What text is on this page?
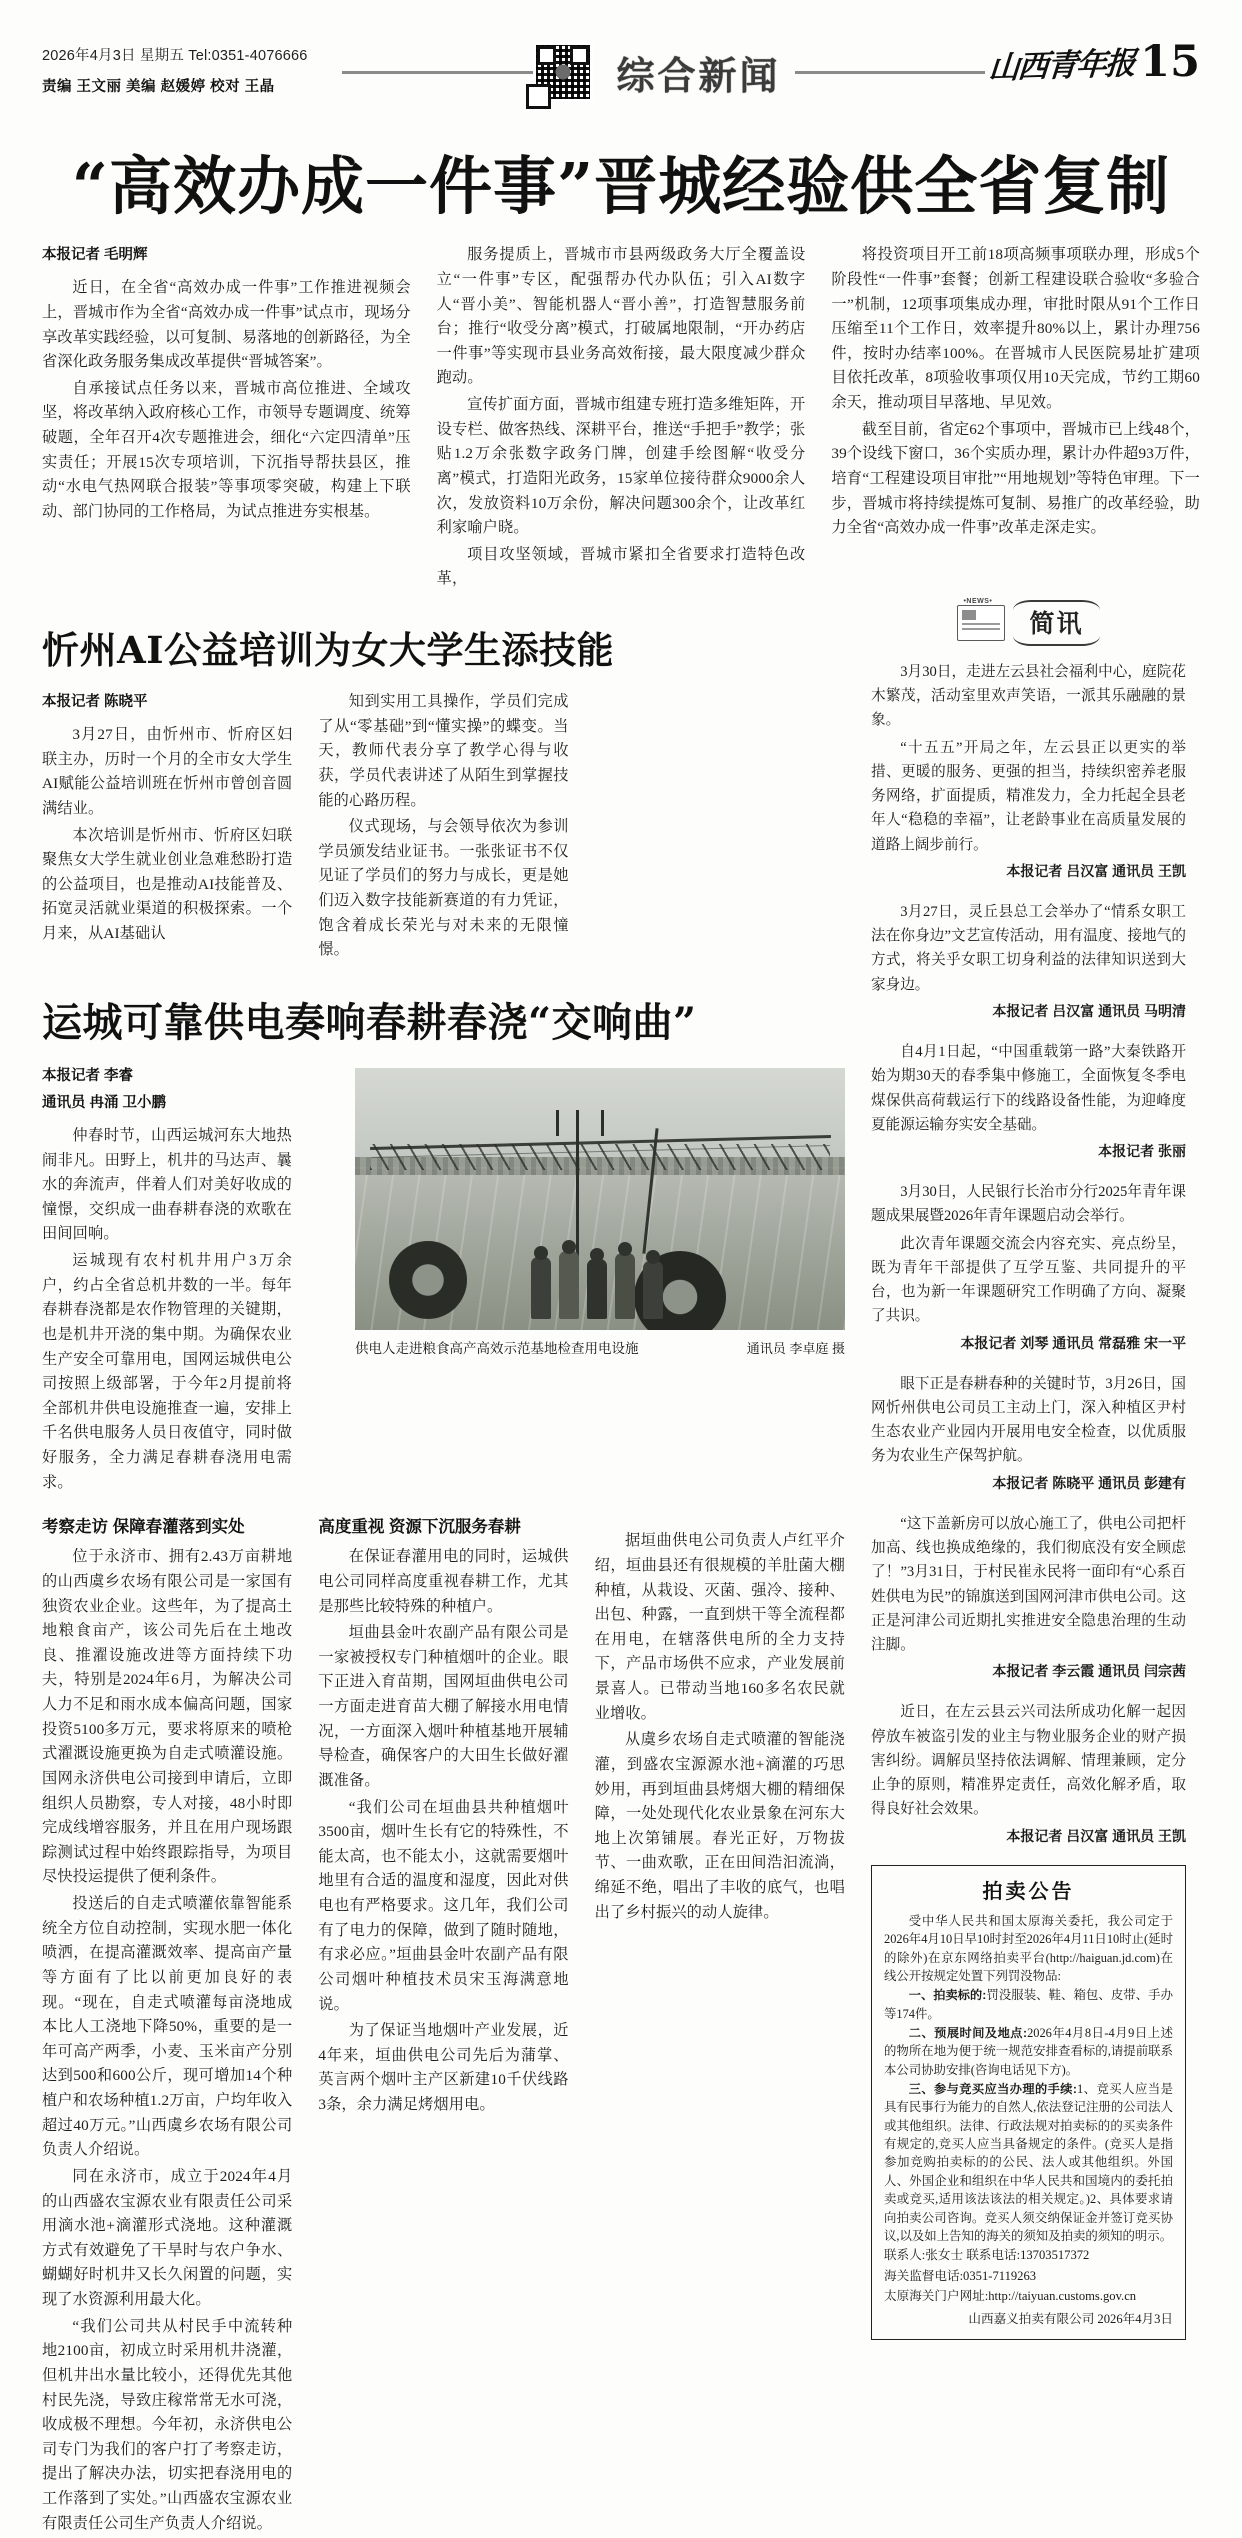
2026年4月3日 星期五 Tel:0351-4076666
责编 王文丽 美编 赵媛婷 校对 王晶	综合新闻	山西青年报 15
“高效办成一件事”晋城经验供全省复制
本报记者 毛明辉

近日，在全省“高效办成一件事”工作推进视频会上，晋城市作为全省“高效办成一件事”试点市，现场分享改革实践经验，以可复制、易落地的创新路径，为全省深化政务服务集成改革提供“晋城答案”。

自承接试点任务以来，晋城市高位推进、全域攻坚，将改革纳入政府核心工作，市领导专题调度、统筹破题，全年召开4次专题推进会，细化“六定四清单”压实责任；开展15次专项培训，下沉指导帮扶县区，推动“水电气热网联合报装”等事项零突破，构建上下联动、部门协同的工作格局，为试点推进夯实根基。

服务提质上，晋城市市县两级政务大厅全覆盖设立“一件事”专区，配强帮办代办队伍；引入AI数字人“晋小美”、智能机器人“晋小善”，打造智慧服务前台；推行“收受分离”模式，打破属地限制，“开办药店一件事”等实现市县业务高效衔接，最大限度减少群众跑动。

宣传扩面方面，晋城市组建专班打造多维矩阵，开设专栏、做客热线、深耕平台，推送“手把手”教学；张贴1.2万余张数字政务门牌，创建手绘图解“收受分离”模式，打造阳光政务，15家单位接待群众9000余人次，发放资料10万余份，解决问题300余个，让改革红利家喻户晓。

项目攻坚领域，晋城市紧扣全省要求打造特色改革，

将投资项目开工前18项高频事项联办理，形成5个阶段性“一件事”套餐；创新工程建设联合验收“多验合一”机制，12项事项集成办理，审批时限从91个工作日压缩至11个工作日，效率提升80%以上，累计办理756件，按时办结率100%。在晋城市人民医院易址扩建项目依托改革，8项验收事项仅用10天完成，节约工期60余天，推动项目早落地、早见效。

截至目前，省定62个事项中，晋城市已上线48个，39个设线下窗口，36个实质办理，累计办件超93万件，培育“工程建设项目审批”“用地规划”等特色审理。下一步，晋城市将持续提炼可复制、易推广的改革经验，助力全省“高效办成一件事”改革走深走实。

忻州AI公益培训为女大学生添技能
本报记者 陈晓平

3月27日，由忻州市、忻府区妇联主办，历时一个月的全市女大学生AI赋能公益培训班在忻州市曾创音圆满结业。

本次培训是忻州市、忻府区妇联聚焦女大学生就业创业急难愁盼打造的公益项目，也是推动AI技能普及、拓宽灵活就业渠道的积极探索。一个月来，从AI基础认

知到实用工具操作，学员们完成了从“零基础”到“懂实操”的蝶变。当天，教师代表分享了教学心得与收获，学员代表讲述了从陌生到掌握技能的心路历程。

仪式现场，与会领导依次为参训学员颁发结业证书。一张张证书不仅见证了学员们的努力与成长，更是她们迈入数字技能新赛道的有力凭证，饱含着成长荣光与对未来的无限憧憬。

运城可靠供电奏响春耕春浇“交响曲”
本报记者 李睿
通讯员 冉涌 卫小鹏

仲春时节，山西运城河东大地热闹非凡。田野上，机井的马达声、曩水的奔流声，伴着人们对美好收成的憧憬，交织成一曲春耕春浇的欢歌在田间回响。

运城现有农村机井用户3万余户，约占全省总机井数的一半。每年春耕春浇都是农作物管理的关键期，也是机井开浇的集中期。为确保农业生产安全可靠用电，国网运城供电公司按照上级部署，于今年2月提前将全部机井供电设施推查一遍，安排上千名供电服务人员日夜值守，同时做好服务，全力满足春耕春浇用电需求。

供电人走进粮食高产高效示范基地检查用电设施	通讯员 李卓庭 摄
考察走访 保障春灌落到实处

位于永济市、拥有2.43万亩耕地的山西虞乡农场有限公司是一家国有独资农业企业。这些年，为了提高土地粮食亩产，该公司先后在土地改良、推濯设施改进等方面持续下功夫，特别是2024年6月，为解决公司人力不足和雨水成本偏高问题，国家投资5100多万元，要求将原来的喷枪式濯溉设施更换为自走式喷灌设施。国网永济供电公司接到申请后，立即组织人员勘察，专人对接，48小时即完成线增容服务，并且在用户现场跟踪测试过程中始终跟踪指导，为项目尽快投运提供了便利条件。

投送后的自走式喷灌依靠智能系统全方位自动控制，实现水肥一体化喷洒，在提高灌溉效率、提高亩产量等方面有了比以前更加良好的表现。“现在，自走式喷灌每亩浇地成本比人工浇地下降50%，重要的是一年可高产两季，小麦、玉米亩产分别达到500和600公斤，现可增加14个种植户和农场种植1.2万亩，户均年收入超过40万元。”山西虞乡农场有限公司负责人介绍说。

同在永济市，成立于2024年4月的山西盛农宝源农业有限责任公司采用滴水池+滴灌形式浇地。这种灌溉方式有效避免了干旱时与农户争水、蝴蝴好时机井又长久闲置的问题，实现了水资源利用最大化。

“我们公司共从村民手中流转种地2100亩，初成立时采用机井浇灌，但机井出水量比较小，还得优先其他村民先浇，导致庄稼常常无水可浇，收成极不理想。今年初，永济供电公司专门为我们的客户打了考察走访，提出了解决办法，切实把春浇用电的工作落到了实处。”山西盛农宝源农业有限责任公司生产负责人介绍说。

高度重视 资源下沉服务春耕

在保证春灌用电的同时，运城供电公司同样高度重视春耕工作，尤其是那些比较特殊的种植户。

垣曲县金叶农副产品有限公司是一家被授权专门种植烟叶的企业。眼下正进入育苗期，国网垣曲供电公司一方面走进育苗大棚了解接水用电情况，一方面深入烟叶种植基地开展辅导检查，确保客户的大田生长做好濯溉准备。

“我们公司在垣曲县共种植烟叶3500亩，烟叶生长有它的特殊性，不能太高，也不能太小，这就需要烟叶地里有合适的温度和湿度，因此对供电也有严格要求。这几年，我们公司有了电力的保障，做到了随时随地，有求必应。”垣曲县金叶农副产品有限公司烟叶种植技术员宋玉海满意地说。

为了保证当地烟叶产业发展，近4年来，垣曲供电公司先后为蒲掌、英言两个烟叶主产区新建10千伏线路3条，余力满足烤烟用电。

据垣曲供电公司负责人卢红平介绍，垣曲县还有很规模的羊肚菌大棚种植，从栽设、灭菌、强冷、接种、出包、种露，一直到烘干等全流程都在用电，在辖落供电所的全力支持下，产品市场供不应求，产业发展前景喜人。已带动当地160多名农民就业增收。

从虞乡农场自走式喷灌的智能浇灌，到盛农宝源源水池+滴灌的巧思妙用，再到垣曲县烤烟大棚的精细保障，一处处现代化农业景象在河东大地上次第铺展。春光正好，万物拔节、一曲欢歌，正在田间浩汩流淌，绵延不绝，唱出了丰收的底气，也唱出了乡村振兴的动人旋律。

•NEWS•
简讯

3月30日，走进左云县社会福利中心，庭院花木繁茂，活动室里欢声笑语，一派其乐融融的景象。

“十五五”开局之年，左云县正以更实的举措、更暖的服务、更强的担当，持续织密养老服务网络，扩面提质，精准发力，全力托起全县老年人“稳稳的幸福”，让老龄事业在高质量发展的道路上阔步前行。

本报记者 吕汉富 通讯员 王凯

3月27日，灵丘县总工会举办了“情系女职工 法在你身边”文艺宣传活动，用有温度、接地气的方式，将关乎女职工切身利益的法律知识送到大家身边。

本报记者 吕汉富 通讯员 马明清

自4月1日起，“中国重载第一路”大秦铁路开始为期30天的春季集中修施工，全面恢复冬季电煤保供高荷载运行下的线路设备性能，为迎峰度夏能源运输夯实安全基础。

本报记者 张丽

3月30日，人民银行长治市分行2025年青年课题成果展暨2026年青年课题启动会举行。

此次青年课题交流会内容充实、亮点纷呈，既为青年干部提供了互学互鉴、共同提升的平台，也为新一年课题研究工作明确了方向、凝聚了共识。

本报记者 刘琴 通讯员 常磊雅 宋一平

眼下正是春耕春种的关键时节，3月26日，国网忻州供电公司员工主动上门，深入种植区尹村生态农业产业园内开展用电安全检查，以优质服务为农业生产保驾护航。

本报记者 陈晓平 通讯员 彭建有

“这下盖新房可以放心施工了，供电公司把杆加高、线也换成绝缘的，我们彻底没有安全顾虑了！”3月31日，于村民崔永民将一面印有“心系百姓供电为民”的锦旗送到国网河津市供电公司。这正是河津公司近期扎实推进安全隐患治理的生动注脚。

本报记者 李云霞 通讯员 闫宗茜

近日，在左云县云兴司法所成功化解一起因停放车被盗引发的业主与物业服务企业的财产损害纠纷。调解员坚持依法调解、情理兼顾，定分止争的原则，精准界定责任，高效化解矛盾，取得良好社会效果。

本报记者 吕汉富 通讯员 王凯

拍卖公告

受中华人民共和国太原海关委托，我公司定于2026年4月10日早10时封至2026年4月11日10时止(延时的除外)在京东网络拍卖平台(http://haiguan.jd.com)在线公开按规定处置下列罚没物品:

一、拍卖标的:罚没服装、鞋、箱包、皮带、手办等174件。

二、预展时间及地点:2026年4月8日-4月9日上述的物所在地为便于统一规范安排查看标的,请提前联系本公司协助安排(咨询电话见下方)。

三、参与竞买应当办理的手续:1、竞买人应当是具有民事行为能力的自然人,依法登记注册的公司法人或其他组织。法律、行政法规对拍卖标的的买卖条件有规定的,竞买人应当具备规定的条件。(竞买人是指参加竞购拍卖标的的公民、法人或其他组织。外国人、外国企业和组织在中华人民共和国境内的委托拍卖或竞买,适用该法该法的相关规定。)2、具体要求请向拍卖公司咨询。竞买人须交纳保证金并签订竞买协议,以及如上告知的海关的须知及拍卖的须知的明示。

联系人:张女士 联系电话:13703517372

海关监督电话:0351-7119263

太原海关门户网址:http://taiyuan.customs.gov.cn

山西嘉义拍卖有限公司 2026年4月3日
